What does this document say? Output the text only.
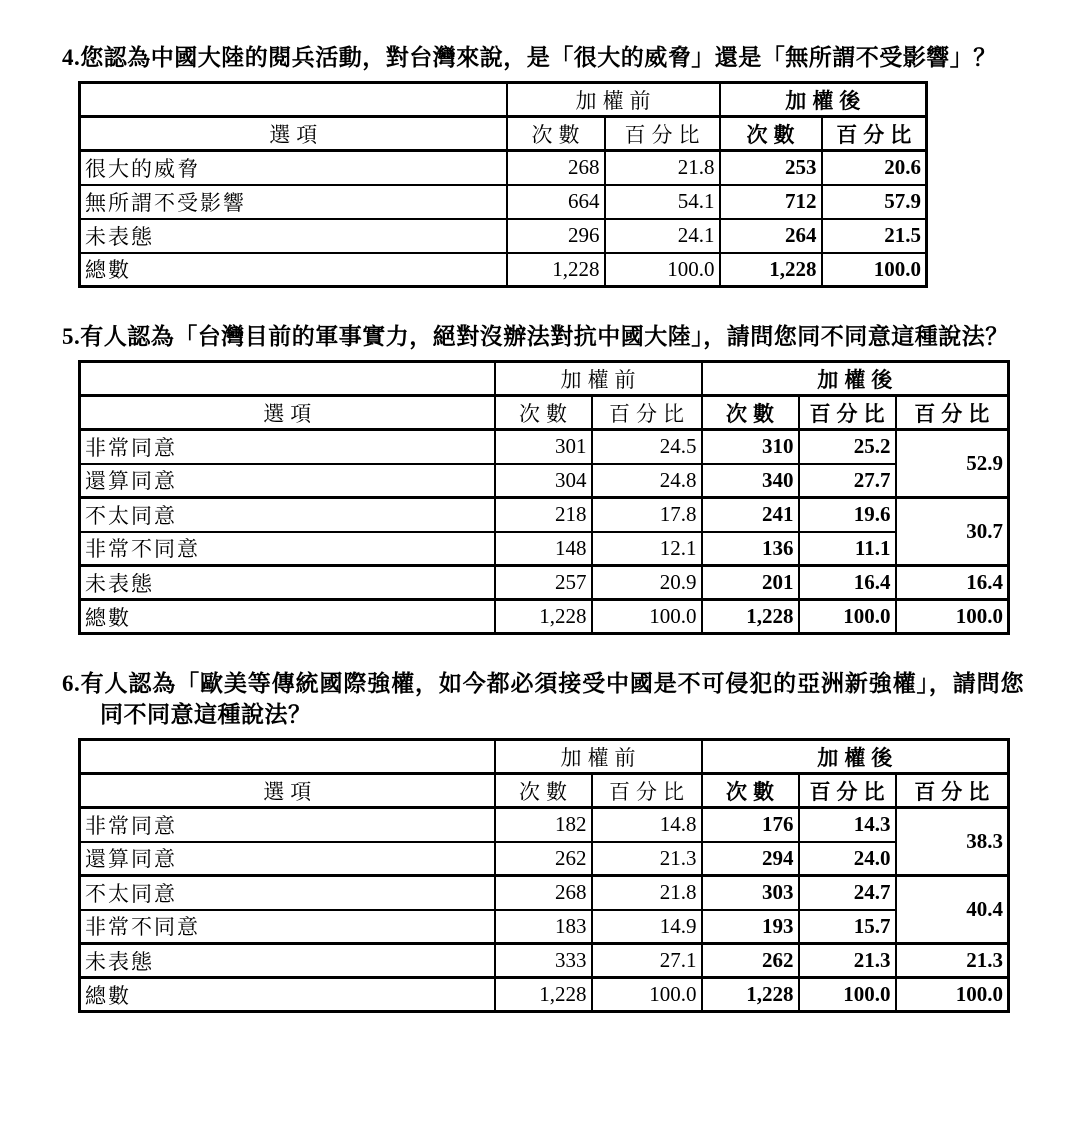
4.您認為中國大陸的閱兵活動，對台灣來說，是「很大的威脅」還是「無所謂不受影響」？
	加權前		加權後	
選項	次數	百分比	次數	百分比
很大的威脅	268	21.8	253	20.6
無所謂不受影響	664	54.1	712	57.9
未表態	296	24.1	264	21.5
總數	1,228	100.0	1,228	100.0
5.有人認為「台灣目前的軍事實力，絕對沒辦法對抗中國大陸」，請問您同不同意這種說法？
	加權前		加權後		
選項	次數	百分比	次數	百分比	百分比
非常同意	301	24.5	310	25.2	52.9
還算同意	304	24.8	340	27.7	
不太同意	218	17.8	241	19.6	30.7
非常不同意	148	12.1	136	11.1	
未表態	257	20.9	201	16.4	16.4
總數	1,228	100.0	1,228	100.0	100.0
6.有人認為「歐美等傳統國際強權，如今都必須接受中國是不可侵犯的亞洲新強權」，請問您同不同意這種說法？
	加權前		加權後		
選項	次數	百分比	次數	百分比	百分比
非常同意	182	14.8	176	14.3	38.3
還算同意	262	21.3	294	24.0	
不太同意	268	21.8	303	24.7	40.4
非常不同意	183	14.9	193	15.7	
未表態	333	27.1	262	21.3	21.3
總數	1,228	100.0	1,228	100.0	100.0
